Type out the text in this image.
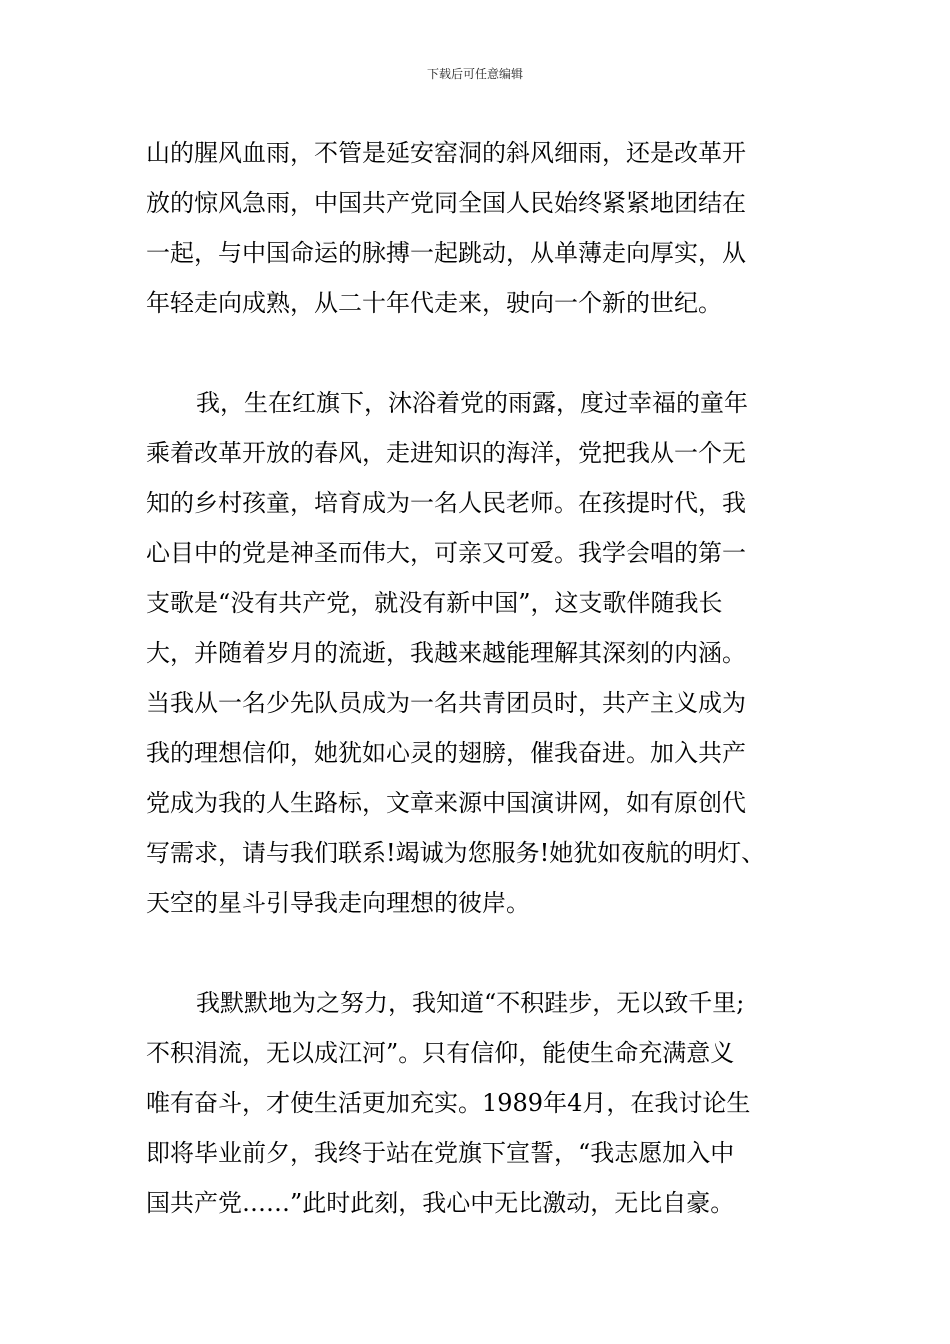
下载后可任意编辑
山的腥风血雨，不管是延安窑洞的斜风细雨，还是改革开
放的惊风急雨，中国共产党同全国人民始终紧紧地团结在
一起，与中国命运的脉搏一起跳动，从单薄走向厚实，从
年轻走向成熟，从二十年代走来，驶向一个新的世纪。
我，生在红旗下，沐浴着党的雨露，度过幸福的童年
乘着改革开放的春风，走进知识的海洋，党把我从一个无
知的乡村孩童，培育成为一名人民老师。在孩提时代，我
心目中的党是神圣而伟大，可亲又可爱。我学会唱的第一
支歌是“没有共产党，就没有新中国”，这支歌伴随我长
大，并随着岁月的流逝，我越来越能理解其深刻的内涵。
当我从一名少先队员成为一名共青团员时，共产主义成为
我的理想信仰，她犹如心灵的翅膀，催我奋进。加入共产
党成为我的人生路标，文章来源中国演讲网，如有原创代
写需求，请与我们联系!竭诚为您服务!她犹如夜航的明灯、
天空的星斗引导我走向理想的彼岸。
我默默地为之努力，我知道“不积跬步，无以致千里;
不积涓流，无以成江河”。只有信仰，能使生命充满意义
唯有奋斗，才使生活更加充实。1989年4月，在我讨论生
即将毕业前夕，我终于站在党旗下宣誓，“我志愿加入中
国共产党……”此时此刻，我心中无比激动，无比自豪。
